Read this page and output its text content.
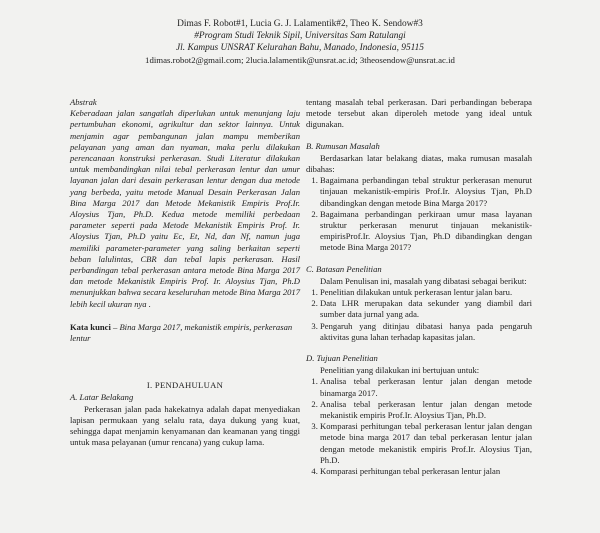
Dimas F. Robot#1, Lucia G. J. Lalamentik#2, Theo K. Sendow#3
#Program Studi Teknik Sipil, Universitas Sam Ratulangi
Jl. Kampus UNSRAT Kelurahan Bahu, Manado, Indonesia, 95115
1dimas.robot2@gmail.com; 2lucia.lalamentik@unsrat.ac.id; 3theosendow@unsrat.ac.id

Abstrak

Keberadaan jalan sangatlah diperlukan untuk menunjang laju pertumbuhan ekonomi, agrikultur dan sektor lainnya. Untuk menjamin agar pembangunan jalan mampu memberikan pelayanan yang aman dan nyaman, maka perlu dilakukan perencanaan konstruksi perkerasan. Studi Literatur dilakukan untuk membandingkan nilai tebal perkerasan lentur dan umur layanan jalan dari desain perkerasan lentur dengan dua metode yang berbeda, yaitu metode Manual Desain Perkerasan Jalan Bina Marga 2017 dan Metode Mekanistik Empiris Prof.Ir. Aloysius Tjan, Ph.D. Kedua metode memiliki perbedaan parameter seperti pada Metode Mekanistik Empiris Prof. Ir. Aloysius Tjan, Ph.D yaitu Ec, Et, Nd, dan Nf, namun juga memiliki parameter-parameter yang saling berkaitan seperti beban lalulintas, CBR dan tebal lapis perkerasan. Hasil perbandingan tebal perkerasan antara metode Bina Marga 2017 dan metode Mekanistik Empiris Prof. Ir. Aloysius Tjan, Ph.D menunjukkan bahwa secara keseluruhan metode Bina Marga 2017 lebih kecil ukuran nya .

Kata kunci – Bina Marga 2017, mekanistik empiris, perkerasan lentur
I. PENDAHULUAN
A. Latar Belakang

Perkerasan jalan pada hakekatnya adalah dapat menyediakan lapisan permukaan yang selalu rata, daya dukung yang kuat, sehingga dapat menjamin kenyamanan dan keamanan yang tinggi untuk masa pelayanan (umur rencana) yang cukup lama.

tentang masalah tebal perkerasan. Dari perbandingan beberapa metode tersebut akan diperoleh metode yang ideal untuk digunakan.

B. Rumusan Masalah

Berdasarkan latar belakang diatas, maka rumusan masalah dibahas:

1. Bagaimana perbandingan tebal struktur perkerasan menurut tinjauan mekanistik-empiris Prof.Ir. Aloysius Tjan, Ph.D dibandingkan dengan metode Bina Marga 2017?
2. Bagaimana perbandingan perkiraan umur masa layanan struktur perkerasan menurut tinjauan mekanistik-empirisProf.Ir. Aloysius Tjan, Ph.D dibandingkan dengan metode Bina Marga 2017?
C. Batasan Penelitian

Dalam Penulisan ini, masalah yang dibatasi sebagai berikut:

1. Penelitian dilakukan untuk perkerasan lentur jalan baru.
2. Data LHR merupakan data sekunder yang diambil dari sumber data jurnal yang ada.
3. Pengaruh yang ditinjau dibatasi hanya pada pengaruh aktivitas guna lahan terhadap kapasitas jalan.
D. Tujuan Penelitian

Penelitian yang dilakukan ini bertujuan untuk:

1. Analisa tebal perkerasan lentur jalan dengan metode binamarga 2017.
2. Analisa tebal perkerasan lentur jalan dengan metode mekanistik empiris Prof.Ir. Aloysius Tjan, Ph.D.
3. Komparasi perhitungan tebal perkerasan lentur jalan dengan metode bina marga 2017 dan tebal perkerasan lentur jalan dengan metode mekanistik empiris Prof.Ir. Aloysius Tjan, Ph.D.
4. Komparasi perhitungan tebal perkerasan lentur jalan
